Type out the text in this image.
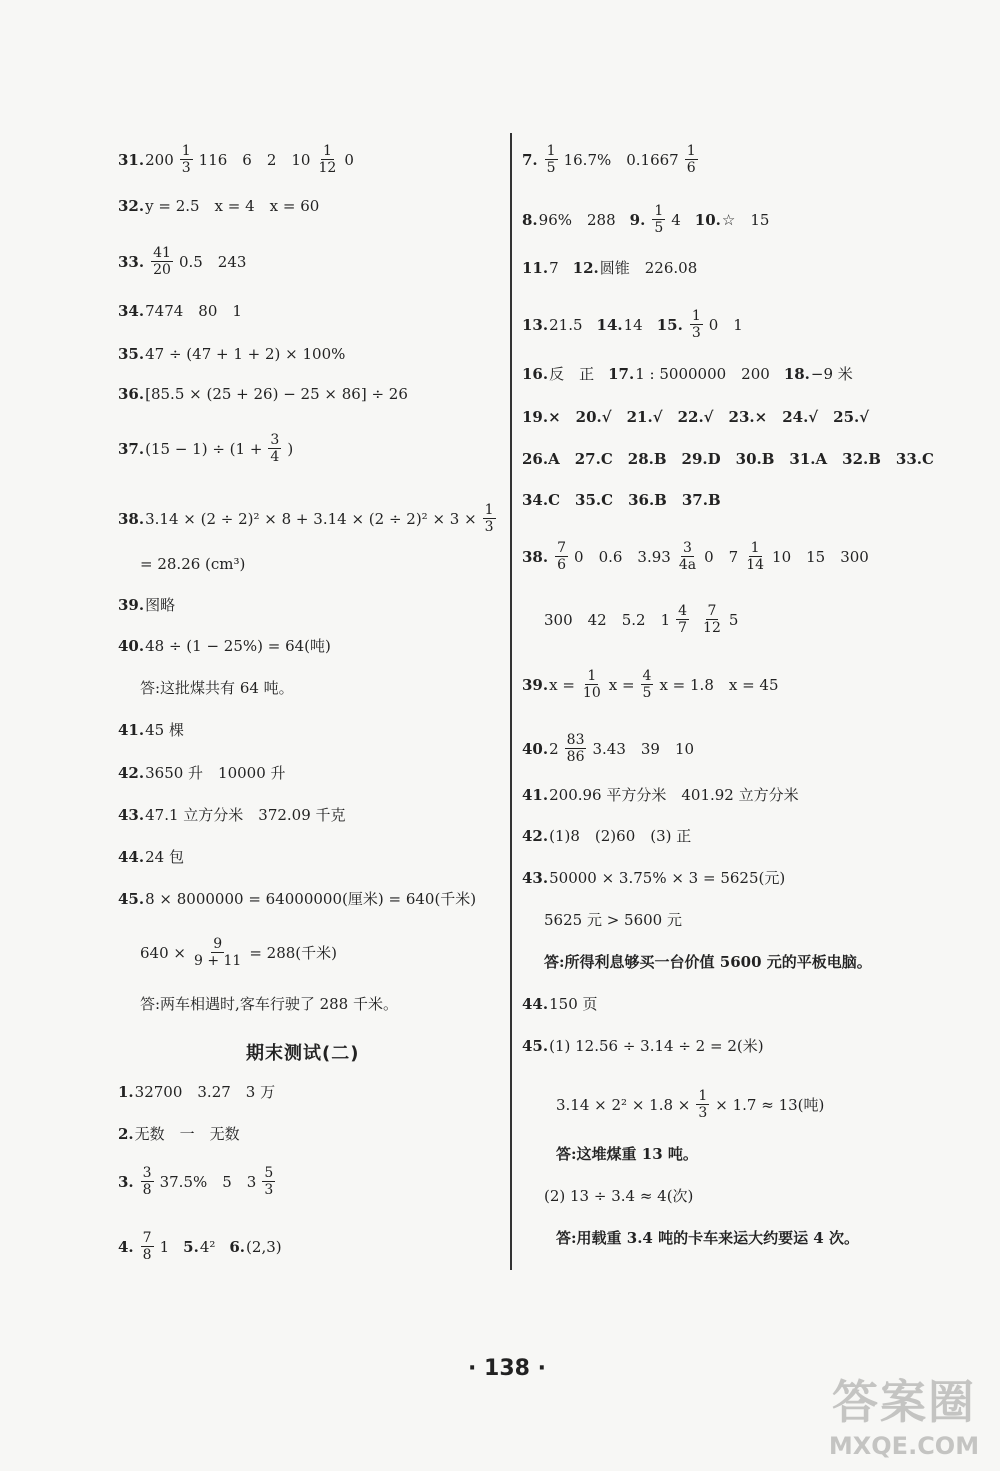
31. $200 \frac{1}{3} 116$　6　2　$10 \frac{1}{12} 0$
32. y = 2.5　x = 4　x = 60
33. $\frac{41}{20} 0.5$　243
34. 7474　80　1
35. 47 ÷ (47 + 1 + 2) × 100%
36. [85.5 × (25 + 26) − 25 × 86] ÷ 26
37. $(15 - 1) \div (1 + \frac{3}{4}$ )
38. $3.14 \times (2 \div 2)^2 \times 8 + 3.14 \times (2 \div 2)^2 \times 3 \times \frac{1}{3}$
= 28.26 (cm³)
39. 图略
40. 48 ÷ (1 − 25%) = 64(吨)
答:这批煤共有 64 吨。
41. 45 棵
42. 3650 升　10000 升
43. 47.1 立方分米　372.09 千克
44. 24 包
45. 8 × 8000000 = 64000000(厘米) = 640(千米)
$640 \times \frac{9}{9 + 11} = 288$(千米)
答:两车相遇时,客车行驶了 288 千米。
1. 32700　3.27　3 万
2. 无数　一　无数
3. $\frac{3}{8} 37.5\%$　5　$3 \frac{5}{3}$
4. $\frac{7}{8} 1$ 5. 4² 6. (2,3)
期末测试(二)
7. $\frac{1}{5} 16.7\%$　$0.1667 \frac{1}{6}$
8. 96%　288 9. $\frac{1}{5} 4$ 10. ☆　15
11. 7 12. 圆锥　226.08
13. 21.5 14. 14 15. $\frac{1}{3} 0$　1
16. 反　正 17. 1 : 5000000　200 18. −9 米
19.×　20.√　21.√　22.√　23.×　24.√　25.√
26.A　27.C　28.B　29.D　30.B　31.A　32.B　33.C
34.C　35.C　36.B　37.B
38. $\frac{7}{6} 0$　0.6　$3.93 \frac{3}{4a} 0$　$7 \frac{1}{14} 10$　15　300
300　42　5.2　$1 \frac{4}{7} \frac{7}{12} 5$
39. $x = \frac{1}{10}$ $x = \frac{4}{5}$ x = 1.8　x = 45
40. $2 \frac{83}{86} 3.43$　39　10
41. 200.96 平方分米　401.92 立方分米
42. (1)8　(2)60　(3) 正
43. 50000 × 3.75% × 3 = 5625(元)
5625 元 > 5600 元
答:所得利息够买一台价值 5600 元的平板电脑。
44. 150 页
45. (1) 12.56 ÷ 3.14 ÷ 2 = 2(米)
$3.14 \times 2^2 \times 1.8 \times \frac{1}{3} \times 1.7 \approx 13$(吨)
答:这堆煤重 13 吨。
(2) 13 ÷ 3.4 ≈ 4(次)
答:用载重 3.4 吨的卡车来运大约要运 4 次。
· 138 ·
答案圈
MXQE.COM
